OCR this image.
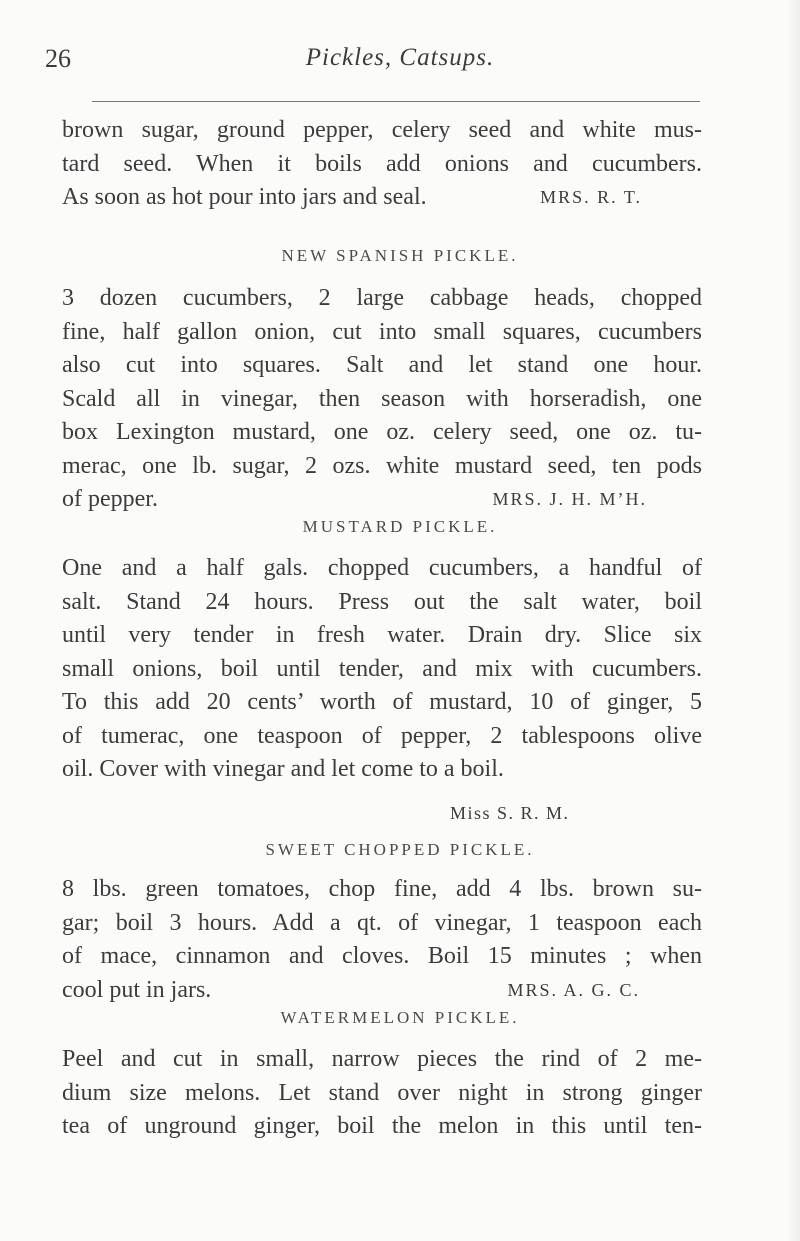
26	Pickles, Catsups.
brown sugar, ground pepper, celery seed and white mus-
tard seed. When it boils add onions and cucumbers.
As soon as hot pour into jars and seal.	MRS. R. T.
NEW SPANISH PICKLE.
3 dozen cucumbers, 2 large cabbage heads, chopped
fine, half gallon onion, cut into small squares, cucumbers
also cut into squares. Salt and let stand one hour.
Scald all in vinegar, then season with horseradish, one
box Lexington mustard, one oz. celery seed, one oz. tu-
merac, one lb. sugar, 2 ozs. white mustard seed, ten pods
of pepper.	MRS. J. H. M’H.
MUSTARD PICKLE.
One and a half gals. chopped cucumbers, a handful of
salt. Stand 24 hours. Press out the salt water, boil
until very tender in fresh water. Drain dry. Slice six
small onions, boil until tender, and mix with cucumbers.
To this add 20 cents’ worth of mustard, 10 of ginger, 5
of tumerac, one teaspoon of pepper, 2 tablespoons olive
oil. Cover with vinegar and let come to a boil.
Miss S. R. M.
SWEET CHOPPED PICKLE.
8 lbs. green tomatoes, chop fine, add 4 lbs. brown su-
gar; boil 3 hours. Add a qt. of vinegar, 1 teaspoon each
of mace, cinnamon and cloves. Boil 15 minutes ; when
cool put in jars.	MRS. A. G. C.
WATERMELON PICKLE.
Peel and cut in small, narrow pieces the rind of 2 me-
dium size melons. Let stand over night in strong ginger
tea of unground ginger, boil the melon in this until ten-
